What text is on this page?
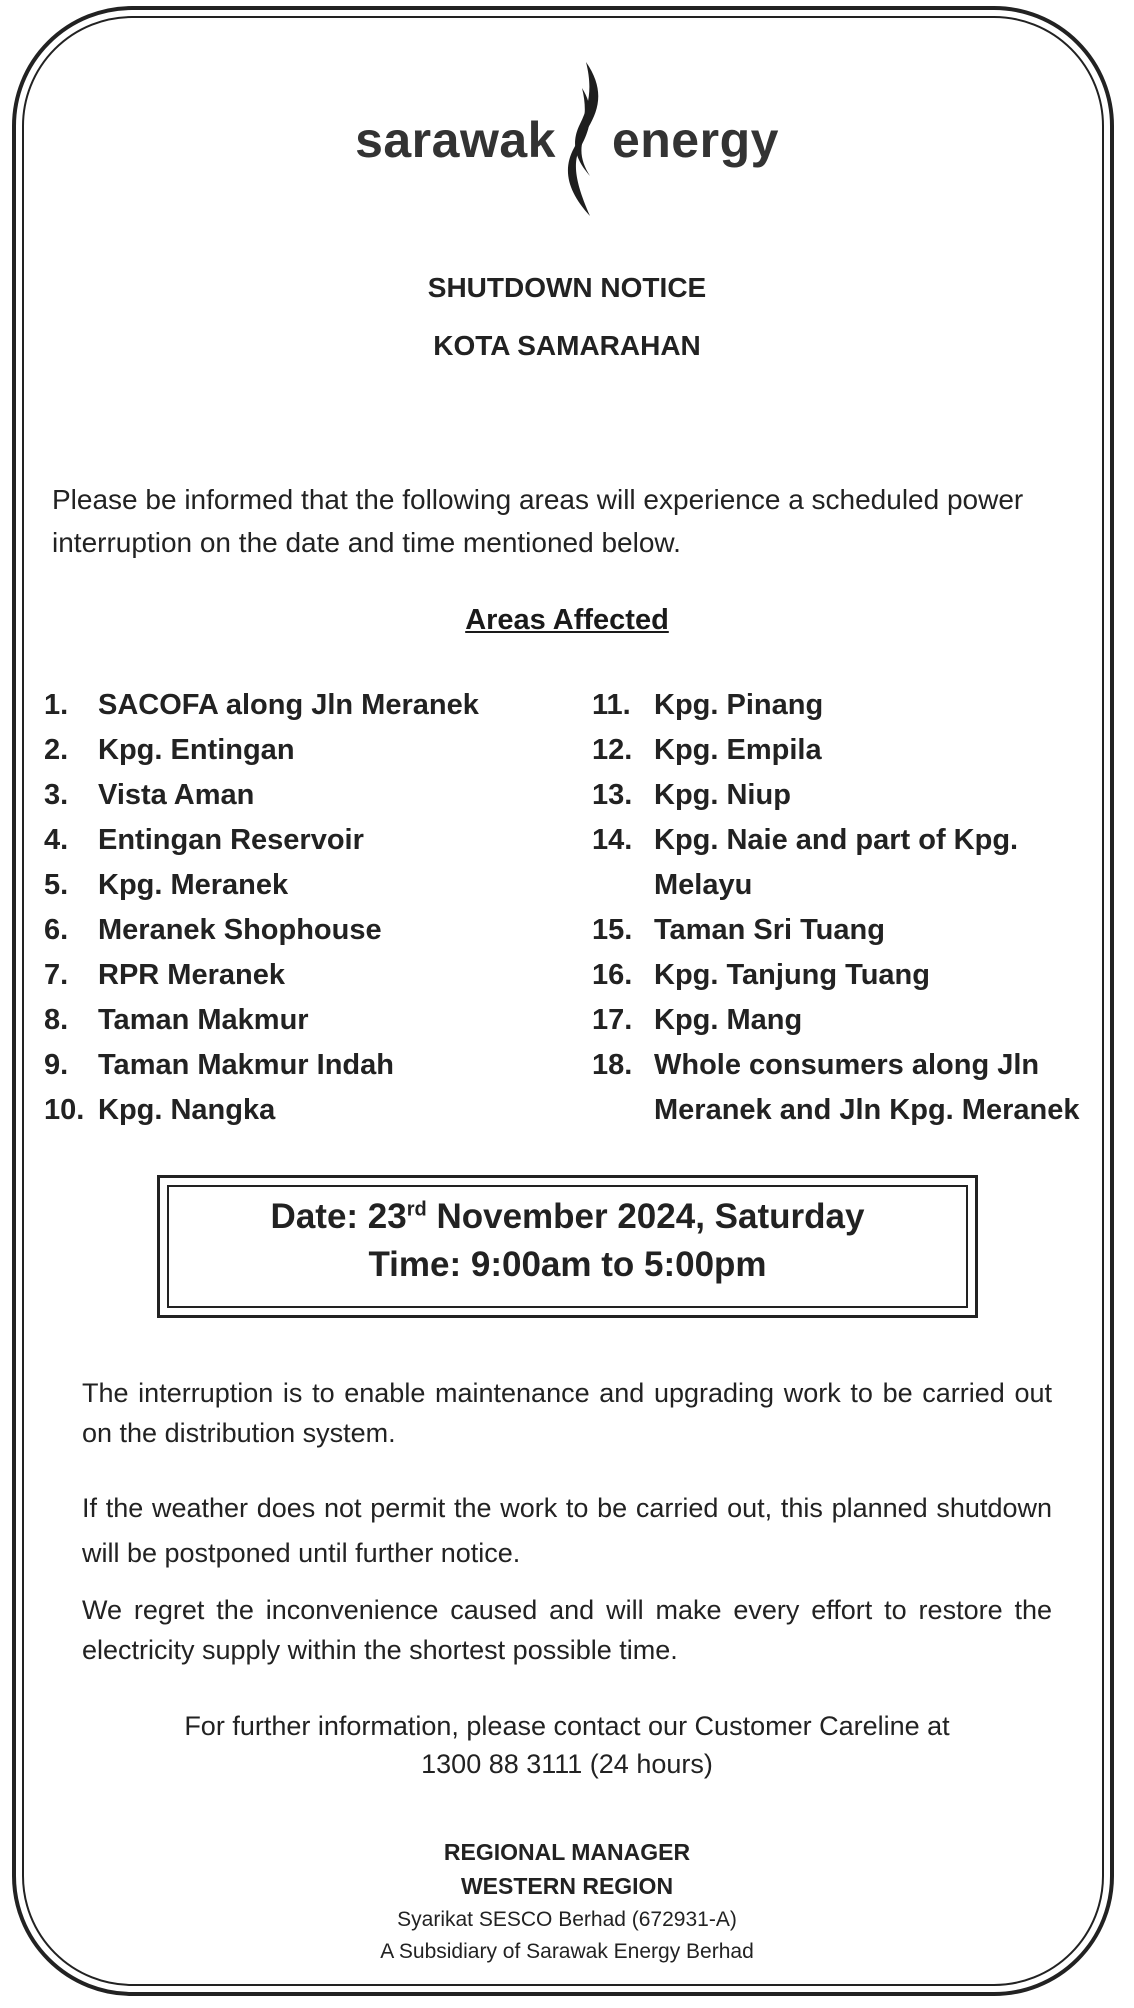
sarawak energy
SHUTDOWN NOTICE
KOTA SAMARAHAN
Please be informed that the following areas will experience a scheduled power interruption on the date and time mentioned below.
Areas Affected
1.	SACOFA along Jln Meranek
2.	Kpg. Entingan
3.	Vista Aman
4.	Entingan Reservoir
5.	Kpg. Meranek
6.	Meranek Shophouse
7.	RPR Meranek
8.	Taman Makmur
9.	Taman Makmur Indah
10. Kpg. Nangka
11. Kpg. Pinang
12. Kpg. Empila
13. Kpg. Niup
14. Kpg. Naie and part of Kpg. Melayu
15. Taman Sri Tuang
16. Kpg. Tanjung Tuang
17. Kpg. Mang
18. Whole consumers along Jln Meranek and Jln Kpg. Meranek
Date: 23rd November 2024, Saturday
Time: 9:00am to 5:00pm
The interruption is to enable maintenance and upgrading work to be carried out on the distribution system.
If the weather does not permit the work to be carried out, this planned shutdown will be postponed until further notice.
We regret the inconvenience caused and will make every effort to restore the electricity supply within the shortest possible time.
For further information, please contact our Customer Careline at
1300 88 3111 (24 hours)
REGIONAL MANAGER
WESTERN REGION
Syarikat SESCO Berhad (672931-A)
A Subsidiary of Sarawak Energy Berhad
